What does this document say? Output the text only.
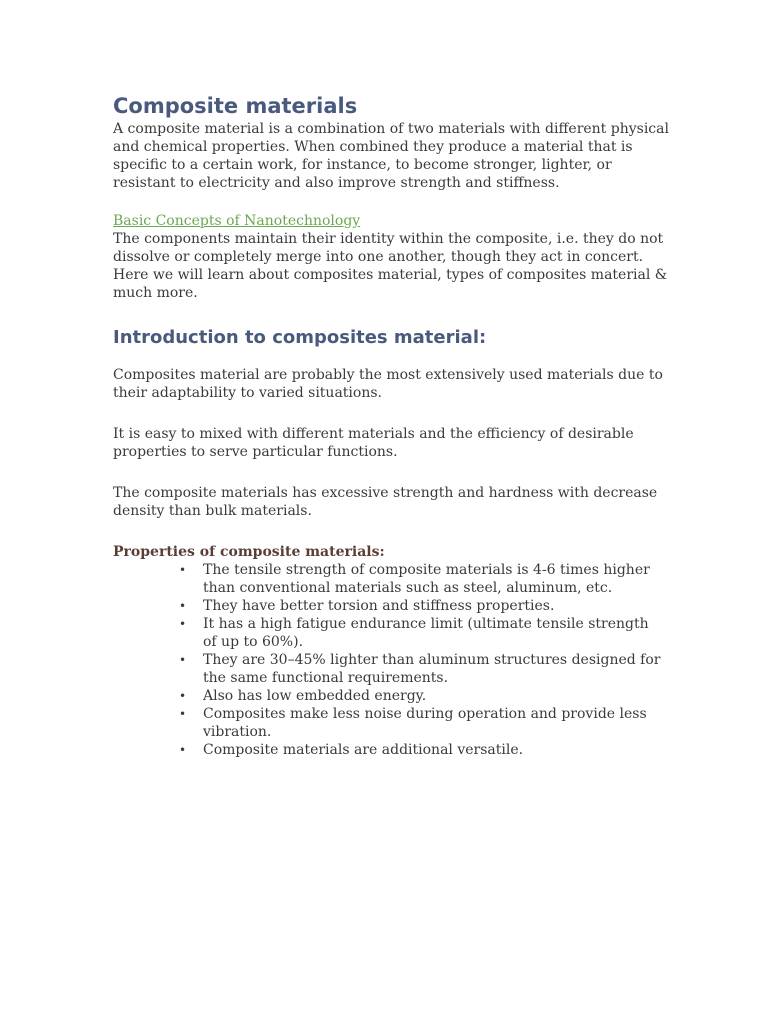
Composite materials

A composite material is a combination of two materials with different physical and chemical properties. When combined they produce a material that is specific to a certain work, for instance, to become stronger, lighter, or resistant to electricity and also improve strength and stiffness.

Basic Concepts of Nanotechnology

The components maintain their identity within the composite, i.e. they do not dissolve or completely merge into one another, though they act in concert.

Here we will learn about composites material, types of composites material & much more.

Introduction to composites material:

Composites material are probably the most extensively used materials due to their adaptability to varied situations.

It is easy to mixed with different materials and the efficiency of desirable properties to serve particular functions.

The composite materials has excessive strength and hardness with decrease density than bulk materials.

Properties of composite materials:

• The tensile strength of composite materials is 4-6 times higher than conventional materials such as steel, aluminum, etc.
• They have better torsion and stiffness properties.
• It has a high fatigue endurance limit (ultimate tensile strength of up to 60%).
• They are 30–45% lighter than aluminum structures designed for the same functional requirements.
• Also has low embedded energy.
• Composites make less noise during operation and provide less vibration.
• Composite materials are additional versatile.
